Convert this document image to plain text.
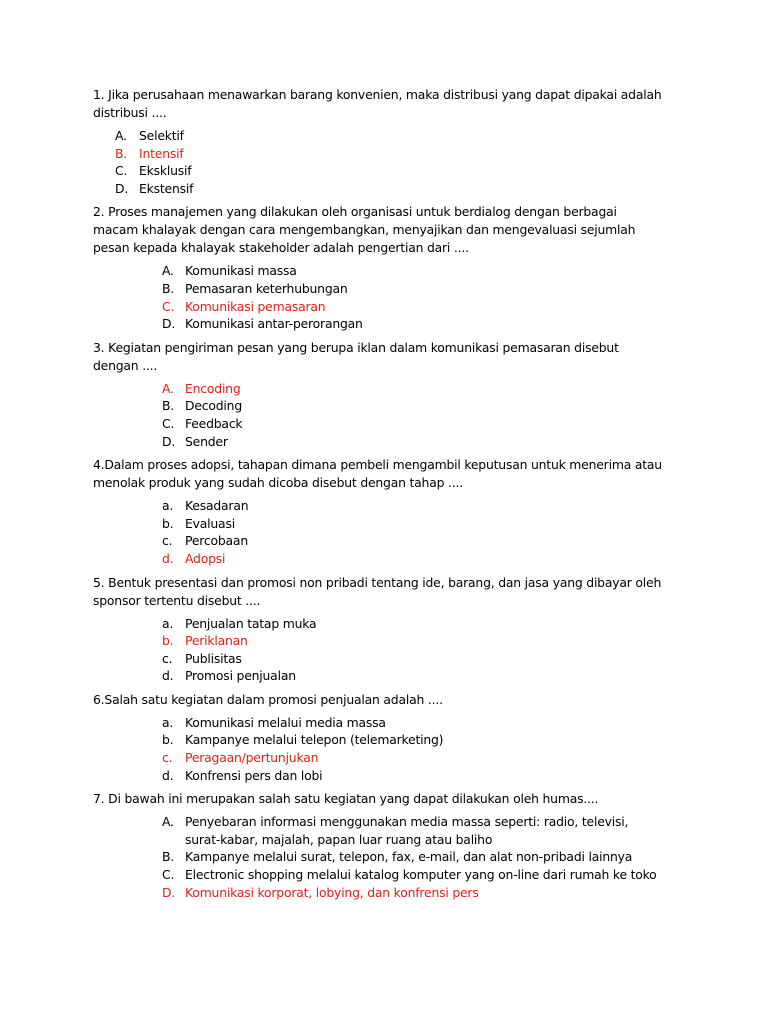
1. Jika perusahaan menawarkan barang konvenien, maka distribusi yang dapat dipakai adalah distribusi ....

A. Selektif
B. Intensif
C. Eksklusif
D. Ekstensif

2. Proses manajemen yang dilakukan oleh organisasi untuk berdialog dengan berbagai macam khalayak dengan cara mengembangkan, menyajikan dan mengevaluasi sejumlah pesan kepada khalayak stakeholder adalah pengertian dari ....

A. Komunikasi massa
B. Pemasaran keterhubungan
C. Komunikasi pemasaran
D. Komunikasi antar-perorangan

3. Kegiatan pengiriman pesan yang berupa iklan dalam komunikasi pemasaran disebut dengan ....

A. Encoding
B. Decoding
C. Feedback
D. Sender

4.Dalam proses adopsi, tahapan dimana pembeli mengambil keputusan untuk menerima atau menolak produk yang sudah dicoba disebut dengan tahap ....

a. Kesadaran
b. Evaluasi
c. Percobaan
d. Adopsi

5. Bentuk presentasi dan promosi non pribadi tentang ide, barang, dan jasa yang dibayar oleh sponsor tertentu disebut ....

a. Penjualan tatap muka
b. Periklanan
c. Publisitas
d. Promosi penjualan

6.Salah satu kegiatan dalam promosi penjualan adalah ....

a. Komunikasi melalui media massa
b. Kampanye melalui telepon (telemarketing)
c. Peragaan/pertunjukan
d. Konfrensi pers dan lobi

7. Di bawah ini merupakan salah satu kegiatan yang dapat dilakukan oleh humas....

A. Penyebaran informasi menggunakan media massa seperti: radio, televisi, surat-kabar, majalah, papan luar ruang atau baliho
B. Kampanye melalui surat, telepon, fax, e-mail, dan alat non-pribadi lainnya
C. Electronic shopping melalui katalog komputer yang on-line dari rumah ke toko
D. Komunikasi korporat, lobying, dan konfrensi pers
